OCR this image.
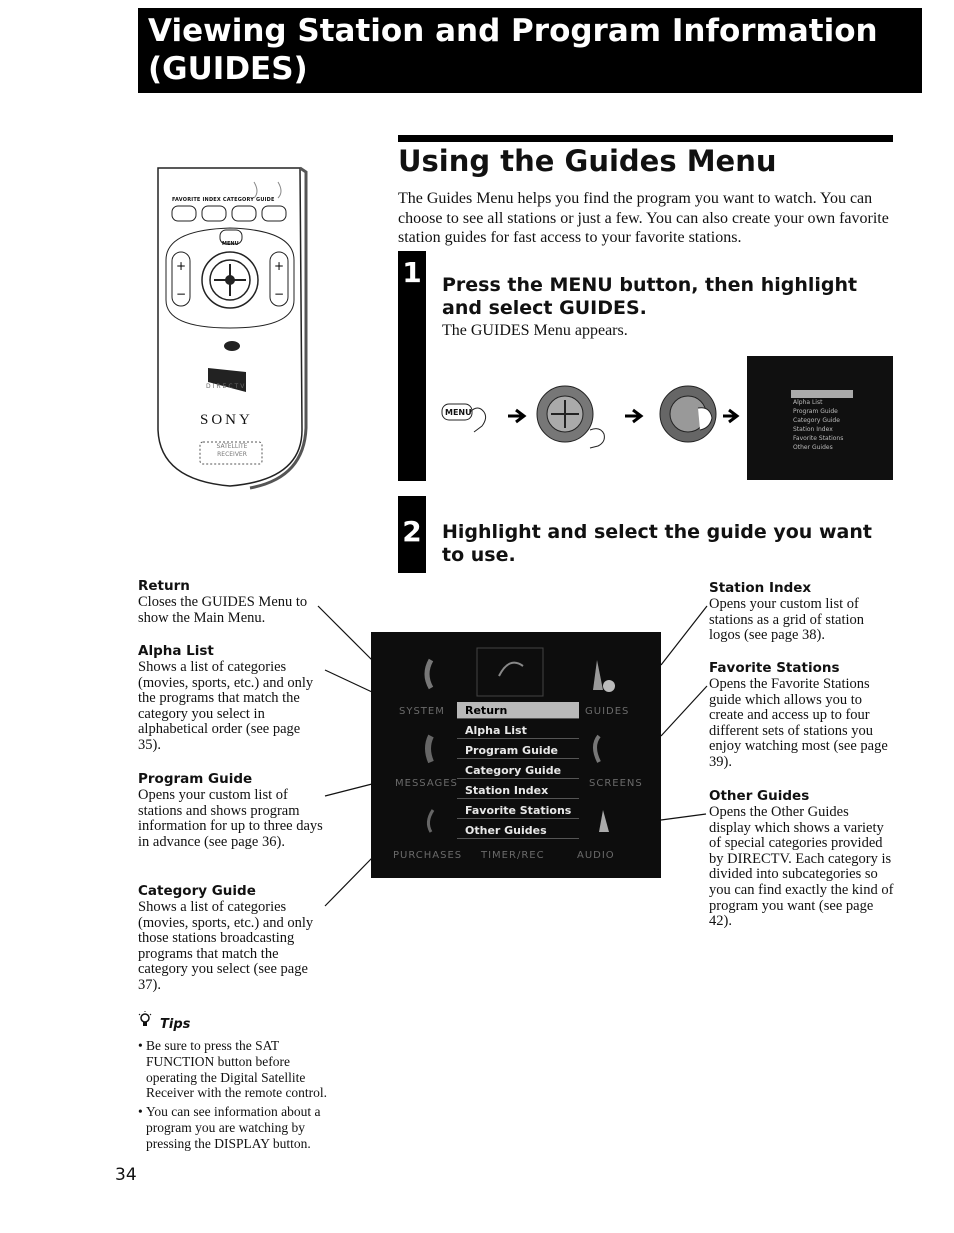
Viewing Station and Program Information (GUIDES)
+
−
+
−
FAVORITE INDEX CATEGORY GUIDE
MENU
DIRECTV
SONY
SATELLITE RECEIVER
Using the Guides Menu
The Guides Menu helps you find the program you want to watch. You can choose to see all stations or just a few. You can also create your own favorite station guides for fast access to your favorite stations.
1 Press the MENU button, then highlight and select GUIDES.
The GUIDES Menu appears.
MENU
Alpha List
Program Guide
Category Guide
Station Index
Favorite Stations
Other Guides
2 Highlight and select the guide you want to use.
Return
Closes the GUIDES Menu to show the Main Menu.
Alpha List
Shows a list of categories (movies, sports, etc.) and only the programs that match the category you select in alphabetical order (see page 35).
Program Guide
Opens your custom list of stations and shows program information for up to three days in advance (see page 36).
Category Guide
Shows a list of categories (movies, sports, etc.) and only those stations broadcasting programs that match the category you select (see page 37).
Station Index
Opens your custom list of stations as a grid of station logos (see page 38).
Favorite Stations
Opens the Favorite Stations guide which allows you to create and access up to four different sets of stations you enjoy watching most (see page 39).
Other Guides
Opens the Other Guides display which shows a variety of special categories provided by DIRECTV. Each category is divided into subcategories so you can find exactly the kind of program you want (see page 42).
SYSTEM	GUIDES
MESSAGES	SCREENS
PURCHASES TIMER/REC	AUDIO
Return
Alpha List
Program Guide
Category Guide
Station Index
Favorite Stations
Other Guides
Tips
• Be sure to press the SAT FUNCTION button before operating the Digital Satellite Receiver with the remote control.
• You can see information about a program you are watching by pressing the DISPLAY button.
34
